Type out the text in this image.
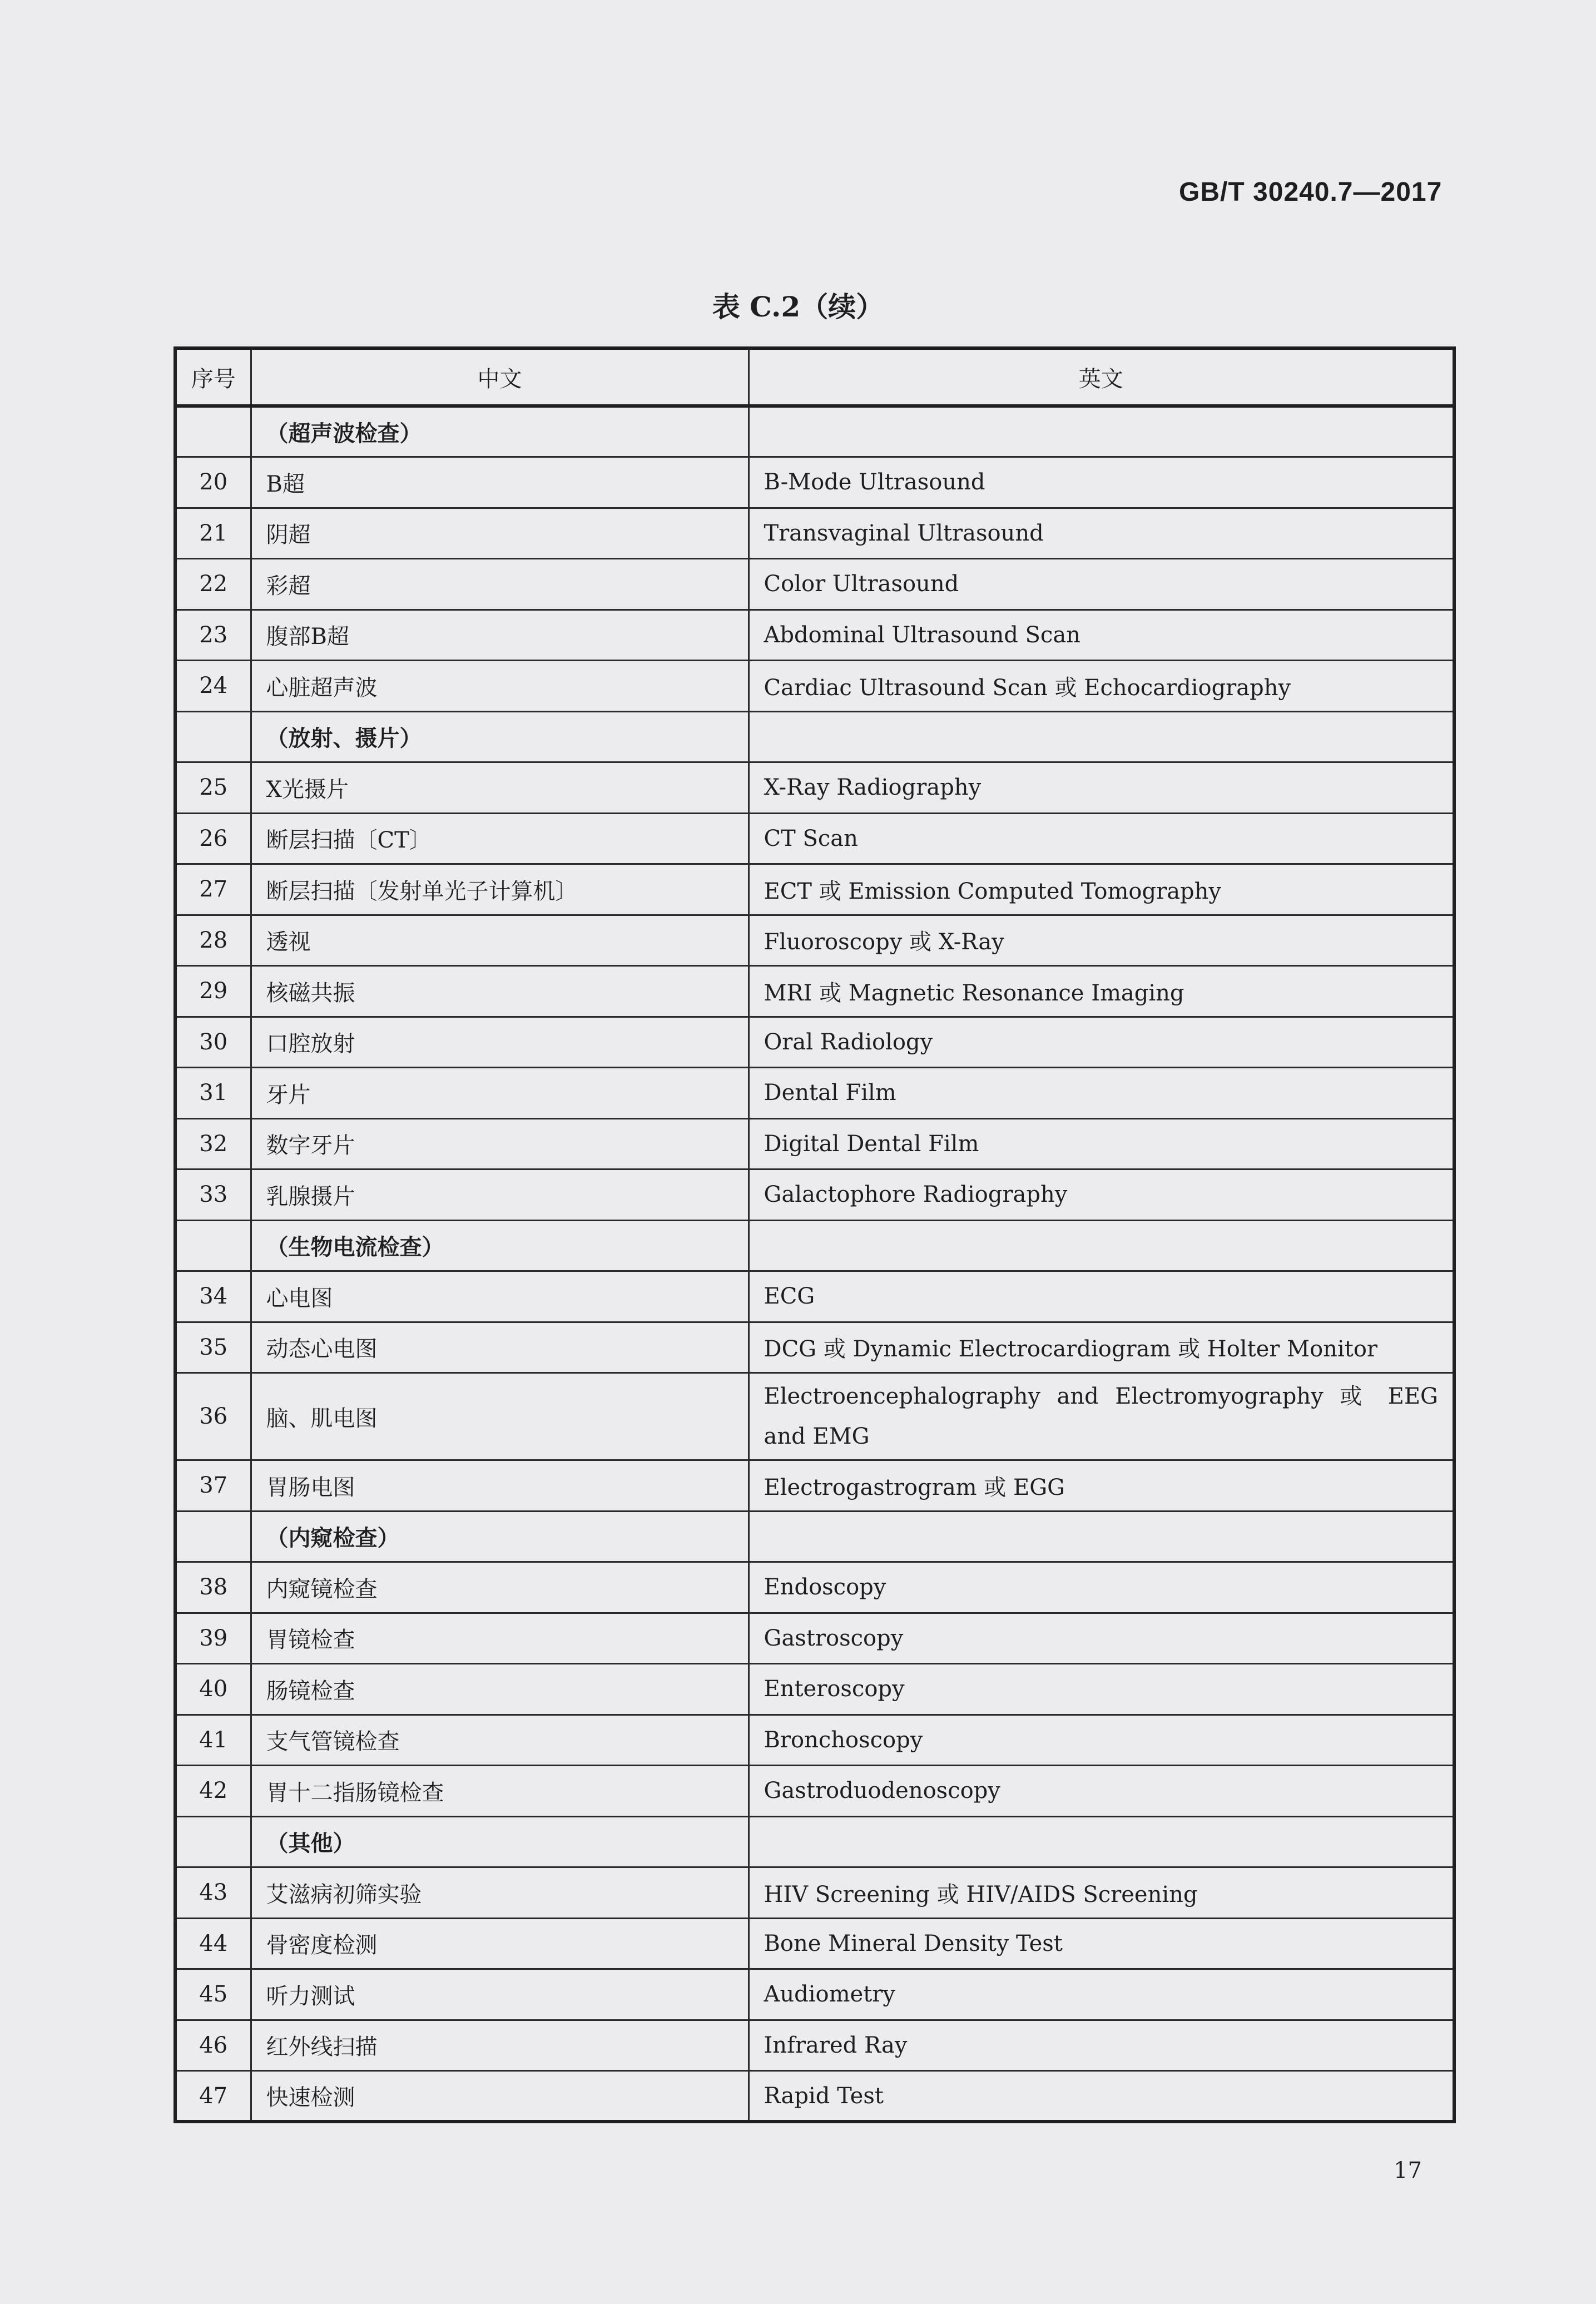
GB/T 30240.7—2017
表 C.2（续）
序号	中文	英文
	（超声波检查）	
20	B超	B-Mode Ultrasound
21	阴超	Transvaginal Ultrasound
22	彩超	Color Ultrasound
23	腹部B超	Abdominal Ultrasound Scan
24	心脏超声波	Cardiac Ultrasound Scan 或 Echocardiography
	（放射、摄片）	
25	X光摄片	X-Ray Radiography
26	断层扫描〔CT〕	CT Scan
27	断层扫描〔发射单光子计算机〕	ECT 或 Emission Computed Tomography
28	透视	Fluoroscopy 或 X-Ray
29	核磁共振	MRI 或 Magnetic Resonance Imaging
30	口腔放射	Oral Radiology
31	牙片	Dental Film
32	数字牙片	Digital Dental Film
33	乳腺摄片	Galactophore Radiography
	（生物电流检查）	
34	心电图	ECG
35	动态心电图	DCG 或 Dynamic Electrocardiogram 或 Holter Monitor
36	脑、肌电图	Electroencephalography and Electromyography 或 EEG and EMG
37	胃肠电图	Electrogastrogram 或 EGG
	（内窥检查）	
38	内窥镜检查	Endoscopy
39	胃镜检查	Gastroscopy
40	肠镜检查	Enteroscopy
41	支气管镜检查	Bronchoscopy
42	胃十二指肠镜检查	Gastroduodenoscopy
	（其他）	
43	艾滋病初筛实验	HIV Screening 或 HIV/AIDS Screening
44	骨密度检测	Bone Mineral Density Test
45	听力测试	Audiometry
46	红外线扫描	Infrared Ray
47	快速检测	Rapid Test
17
